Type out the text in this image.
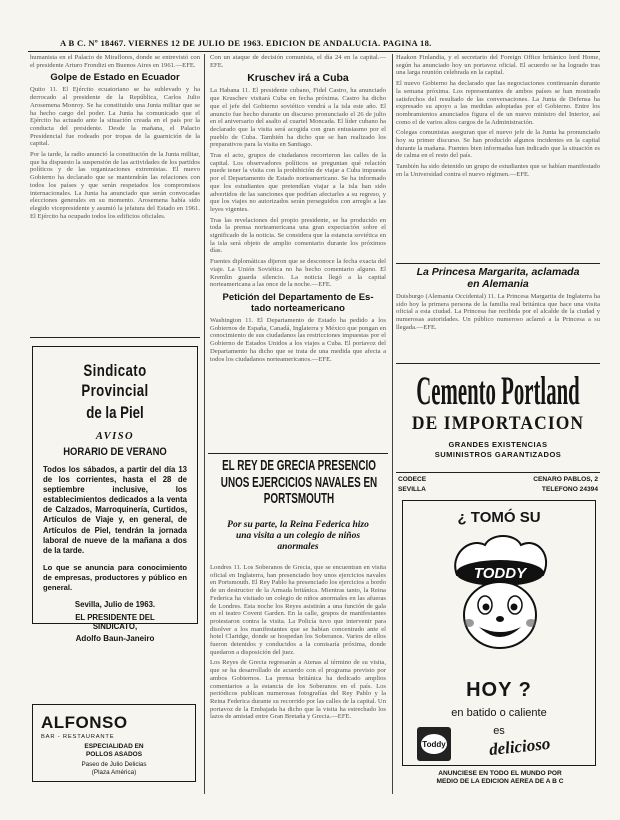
A B C. Nº 18467. VIERNES 12 DE JULIO DE 1963. EDICION DE ANDALUCIA. PAGINA 18.

humanista en el Palacio de Miraflores, donde se entrevistó con el presidente Arturo Frondizi en Buenos Aires en 1961.—EFE.

Golpe de Estado en Ecuador

Quito 11. El Ejército ecuatoriano se ha sublevado y ha derrocado al presidente de la República, Carlos Julio Arosemena Monroy. Se ha constituido una Junta militar que se ha hecho cargo del poder. La Junta ha comunicado que el Ejército ha actuado ante la situación creada en el país por la conducta del presidente. Desde la mañana, el Palacio Presidencial fue rodeado por tropas de la guarnición de la capital.

Por la tarde, la radio anunció la constitución de la Junta militar, que ha dispuesto la suspensión de las actividades de los partidos políticos y de las organizaciones extremistas. El nuevo Gobierno ha declarado que se mantendrán las relaciones con todos los países y que serán respetados los compromisos internacionales. La Junta ha anunciado que serán convocadas elecciones generales en su momento. Arosemena había sido elegido vicepresidente y asumió la jefatura del Estado en 1961. El Ejército ha ocupado todos los edificios oficiales.

Sindicato Provincial
de la Piel
AVISO
HORARIO DE VERANO

Todos los sábados, a partir del día 13 de los corrientes, hasta el 28 de septiembre inclusive, los establecimientos dedicados a la venta de Calzados, Marroquinería, Curtidos, Artículos de Viaje y, en general, de Artículos de Piel, tendrán la jornada laboral de nueve de la mañana a dos de la tarde.

Lo que se anuncia para conocimiento de empresas, productores y público en general.

Sevilla, Julio de 1963.
EL PRESIDENTE DEL
SINDICATO,
Adolfo Baun-Janeiro
ALFONSO
BAR - RESTAURANTE
ESPECIALIDAD EN
POLLOS ASADOS
Paseo de Julio Delicias
(Plaza América)

Con un ataque de decisión comunista, el día 24 en la capital.—EFE.

Kruschev irá a Cuba

La Habana 11. El presidente cubano, Fidel Castro, ha anunciado que Kruschev visitará Cuba en fecha próxima. Castro ha dicho que el jefe del Gobierno soviético vendrá a la isla este año. El anuncio fue hecho durante un discurso pronunciado el 26 de julio en el aniversario del asalto al cuartel Moncada. El líder cubano ha declarado que la visita será acogida con gran entusiasmo por el pueblo de Cuba. También ha dicho que se han realizado los preparativos para la visita en Santiago.

Tras el acto, grupos de ciudadanos recorrieron las calles de la capital. Los observadores políticos se preguntan qué relación puede tener la visita con la prohibición de viajar a Cuba impuesta por el Departamento de Estado norteamericano. Se ha informado que los estudiantes que pretendían viajar a la isla han sido advertidos de las sanciones que podrían afectarles a su regreso, y que los viajes no autorizados serán perseguidos con arreglo a las leyes vigentes.

Tras las revelaciones del propio presidente, se ha producido en toda la prensa norteamericana una gran expectación sobre el significado de la noticia. Se considera que la estancia soviética en la isla será objeto de amplio comentario durante los próximos días.

Fuentes diplomáticas dijeron que se desconoce la fecha exacta del viaje. La Unión Soviética no ha hecho comentario alguno. El Kremlin guarda silencio. La noticia llegó a la capital norteamericana a las once de la noche.—EFE.

Petición del Departamento de Es-
tado norteamericano

Washington 11. El Departamento de Estado ha pedido a los Gobiernos de España, Canadá, Inglaterra y México que pongan en conocimiento de sus ciudadanos las restricciones impuestas por el Gobierno de Estados Unidos a los viajes a Cuba. El portavoz del Departamento ha dicho que se trata de una medida que afecta a todos los ciudadanos norteamericanos.—EFE.

EL REY DE GRECIA PRESENCIO
UNOS EJERCICIOS NAVALES EN
PORTSMOUTH
Por su parte, la Reina Federica hizo
una visita a un colegio de niños
anormales

Londres 11. Los Soberanos de Grecia, que se encuentran en visita oficial en Inglaterra, han presenciado hoy unos ejercicios navales en Portsmouth. El Rey Pablo ha presenciado los ejercicios a bordo de un destructor de la Armada británica. Mientras tanto, la Reina Federica ha visitado un colegio de niños anormales en las afueras de Londres. Esta noche los Reyes asistirán a una función de gala en el teatro Covent Garden. En la calle, grupos de manifestantes protestaron contra la visita. La Policía tuvo que intervenir para disolver a los manifestantes que se habían concentrado ante el hotel Claridge, donde se hospedan los Soberanos. Varios de ellos fueron detenidos y conducidos a la comisaría próxima, donde quedaron a disposición del juez.

Los Reyes de Grecia regresarán a Atenas al término de su visita, que se ha desarrollado de acuerdo con el programa previsto por ambos Gobiernos. La prensa británica ha dedicado amplios comentarios a la estancia de los Soberanos en el país. Los periódicos publican numerosas fotografías del Rey Pablo y la Reina Federica durante su recorrido por las calles de la capital. Un portavoz de la Embajada ha dicho que la visita ha estrechado los lazos de amistad entre Gran Bretaña y Grecia.—EFE.

Haakon Finlandia, y el secretario del Foreign Office británico lord Home, según ha anunciado hoy un portavoz oficial. El acuerdo se ha logrado tras una larga reunión celebrada en la capital.

El nuevo Gobierno ha declarado que las negociaciones continuarán durante la semana próxima. Los representantes de ambos países se han mostrado satisfechos del resultado de las conversaciones. La Junta de Defensa ha expresado su apoyo a las medidas adoptadas por el Gobierno. Entre los nombramientos anunciados figura el de un nuevo ministro del Interior, así como el de varios altos cargos de la Administración.

Colegas comunistas aseguran que el nuevo jefe de la Junta ha pronunciado hoy su primer discurso. Se han producido algunos incidentes en la capital durante la mañana. Fuentes bien informadas han indicado que la situación es de calma en el resto del país.

También ha sido detenido un grupo de estudiantes que se habían manifestado en la Universidad contra el nuevo régimen.—EFE.

La Princesa Margarita, aclamada
en Alemania

Duisburgo (Alemania Occidental) 11. La Princesa Margarita de Inglaterra ha sido hoy la primera persona de la familia real británica que hace una visita oficial a esta ciudad. La Princesa fue recibida por el alcalde de la ciudad y numerosas autoridades. Un público numeroso aclamó a la Princesa a su llegada.—EFE.

Cemento Portland
DE IMPORTACION
GRANDES EXISTENCIAS
SUMINISTROS GARANTIZADOS
CODECE	CENARO PABLOS, 2
SEVILLA	TELEFONO 24394
¿ TOMÓ SU
TODDY
HOY ?
en batido o caliente
Toddy
es
delicioso
ANUNCIESE EN TODO EL MUNDO POR
MEDIO DE LA EDICION AEREA DE A B C
